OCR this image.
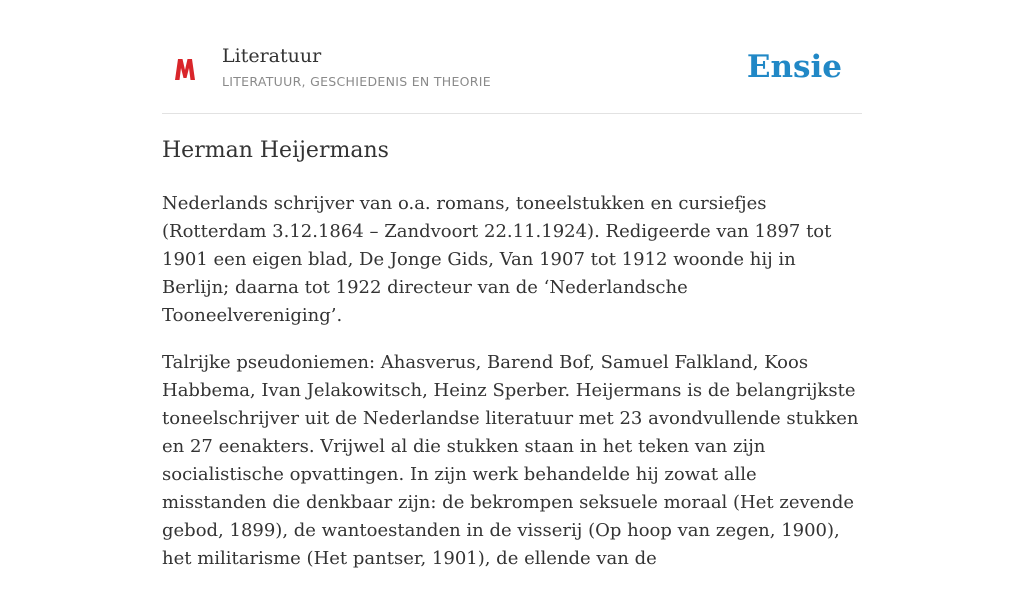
Literatuur
LITERATUUR, GESCHIEDENIS EN THEORIE	Ensie
Herman Heijermans

Nederlands schrijver van o.a. romans, toneelstukken en cursiefjes (Rotterdam 3.12.1864 – Zandvoort 22.11.1924). Redigeerde van 1897 tot 1901 een eigen blad, De Jonge Gids, Van 1907 tot 1912 woonde hij in Berlijn; daarna tot 1922 directeur van de ‘Nederlandsche Tooneelvereniging’.

Talrijke pseudoniemen: Ahasverus, Barend Bof, Samuel Falkland, Koos Habbema, Ivan Jelakowitsch, Heinz Sperber. Heijermans is de belangrijkste toneelschrijver uit de Nederlandse literatuur met 23 avondvullende stukken en 27 eenakters. Vrijwel al die stukken staan in het teken van zijn socialistische opvattingen. In zijn werk behandelde hij zowat alle misstanden die denkbaar zijn: de bekrompen seksuele moraal (Het zevende gebod, 1899), de wantoestanden in de visserij (Op hoop van zegen, 1900), het militarisme (Het pantser, 1901), de ellende van de
